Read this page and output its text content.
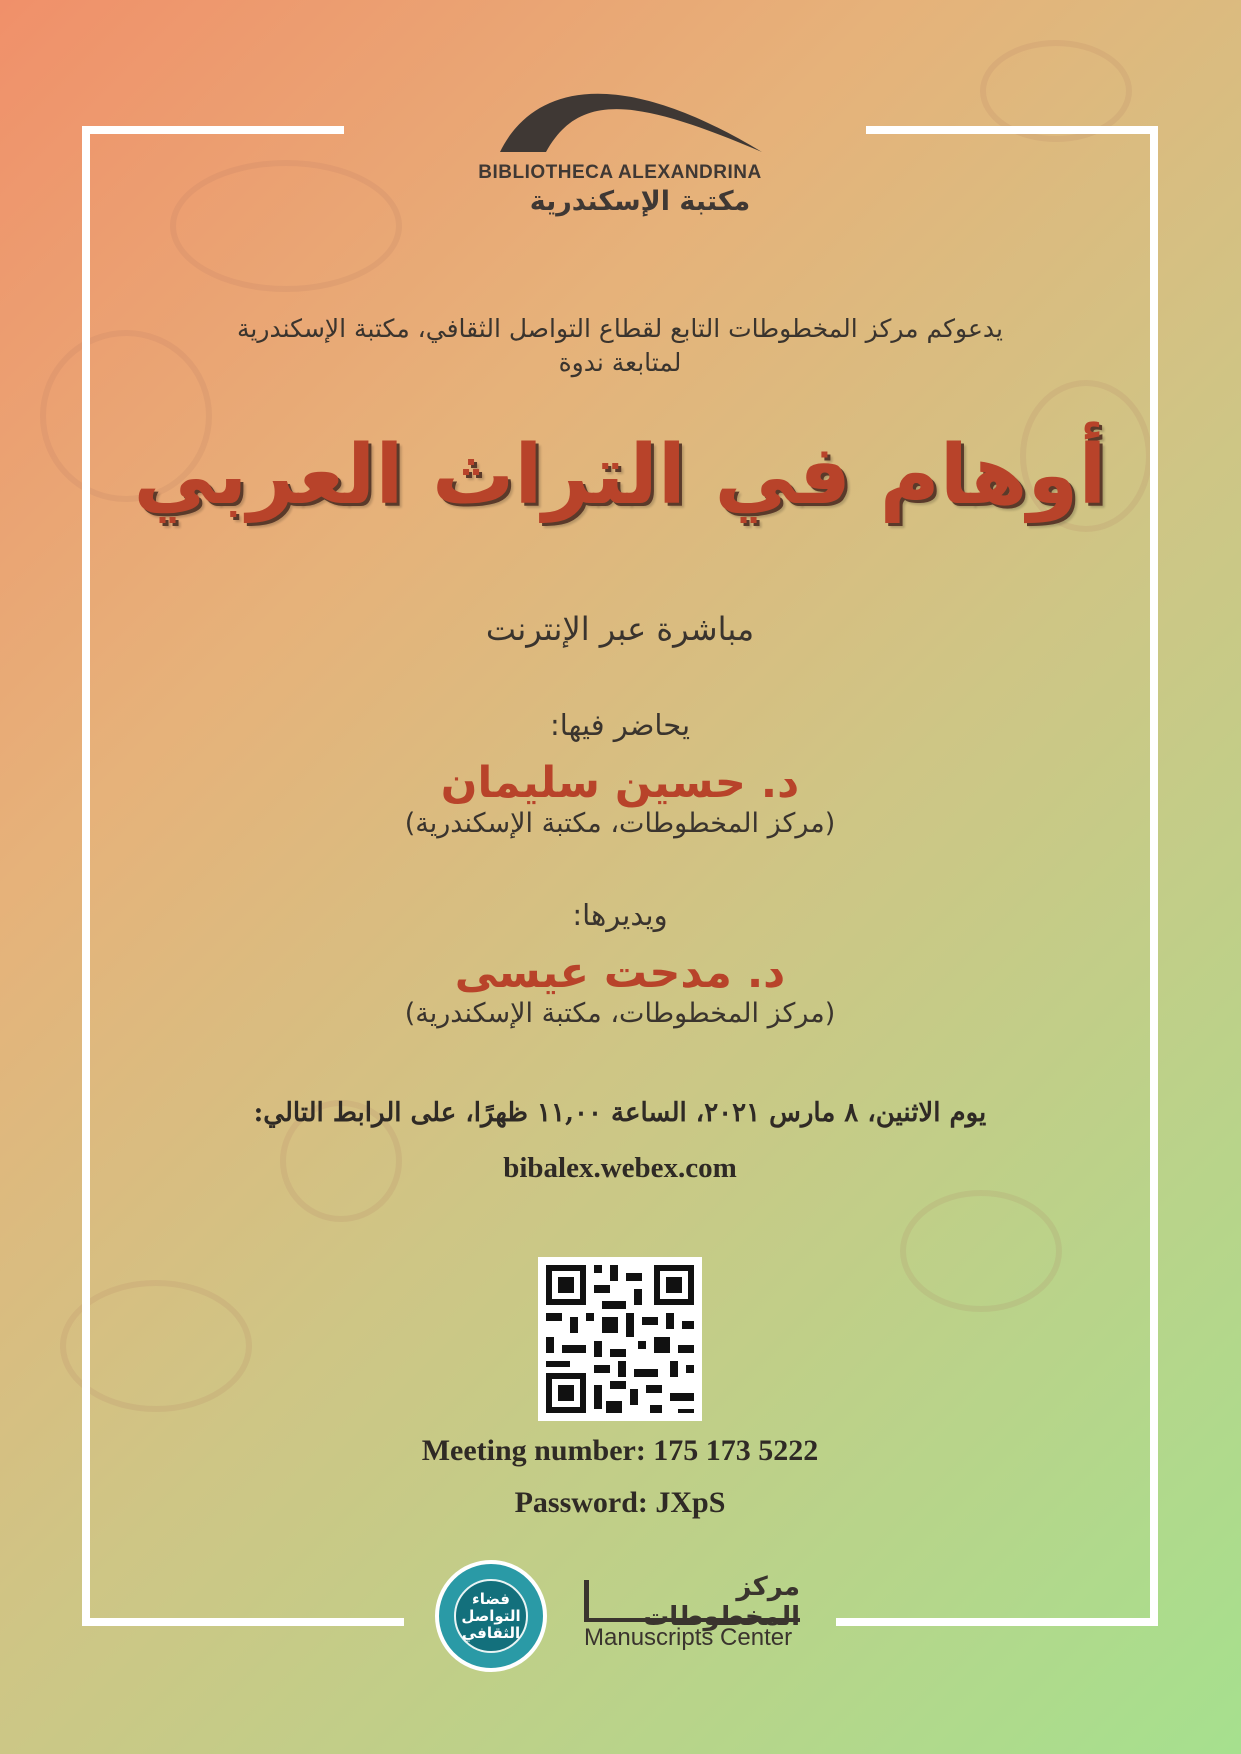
BIBLIOTHECA ALEXANDRINA
مكتبة الإسكندرية
يدعوكم مركز المخطوطات التابع لقطاع التواصل الثقافي، مكتبة الإسكندرية
لمتابعة ندوة
أوهام في التراث العربي
مباشرة عبر الإنترنت
يحاضر فيها:
د. حسين سليمان
(مركز المخطوطات، مكتبة الإسكندرية)
ويديرها:
د. مدحت عيسى
(مركز المخطوطات، مكتبة الإسكندرية)
يوم الاثنين، ٨ مارس ٢٠٢١، الساعة ١١,٠٠ ظهرًا، على الرابط التالي:
bibalex.webex.com
Meeting number: 175 173 5222
Password: JXpS
فضاء التواصل الثقافي
مركز المخطوطات
Manuscripts Center
